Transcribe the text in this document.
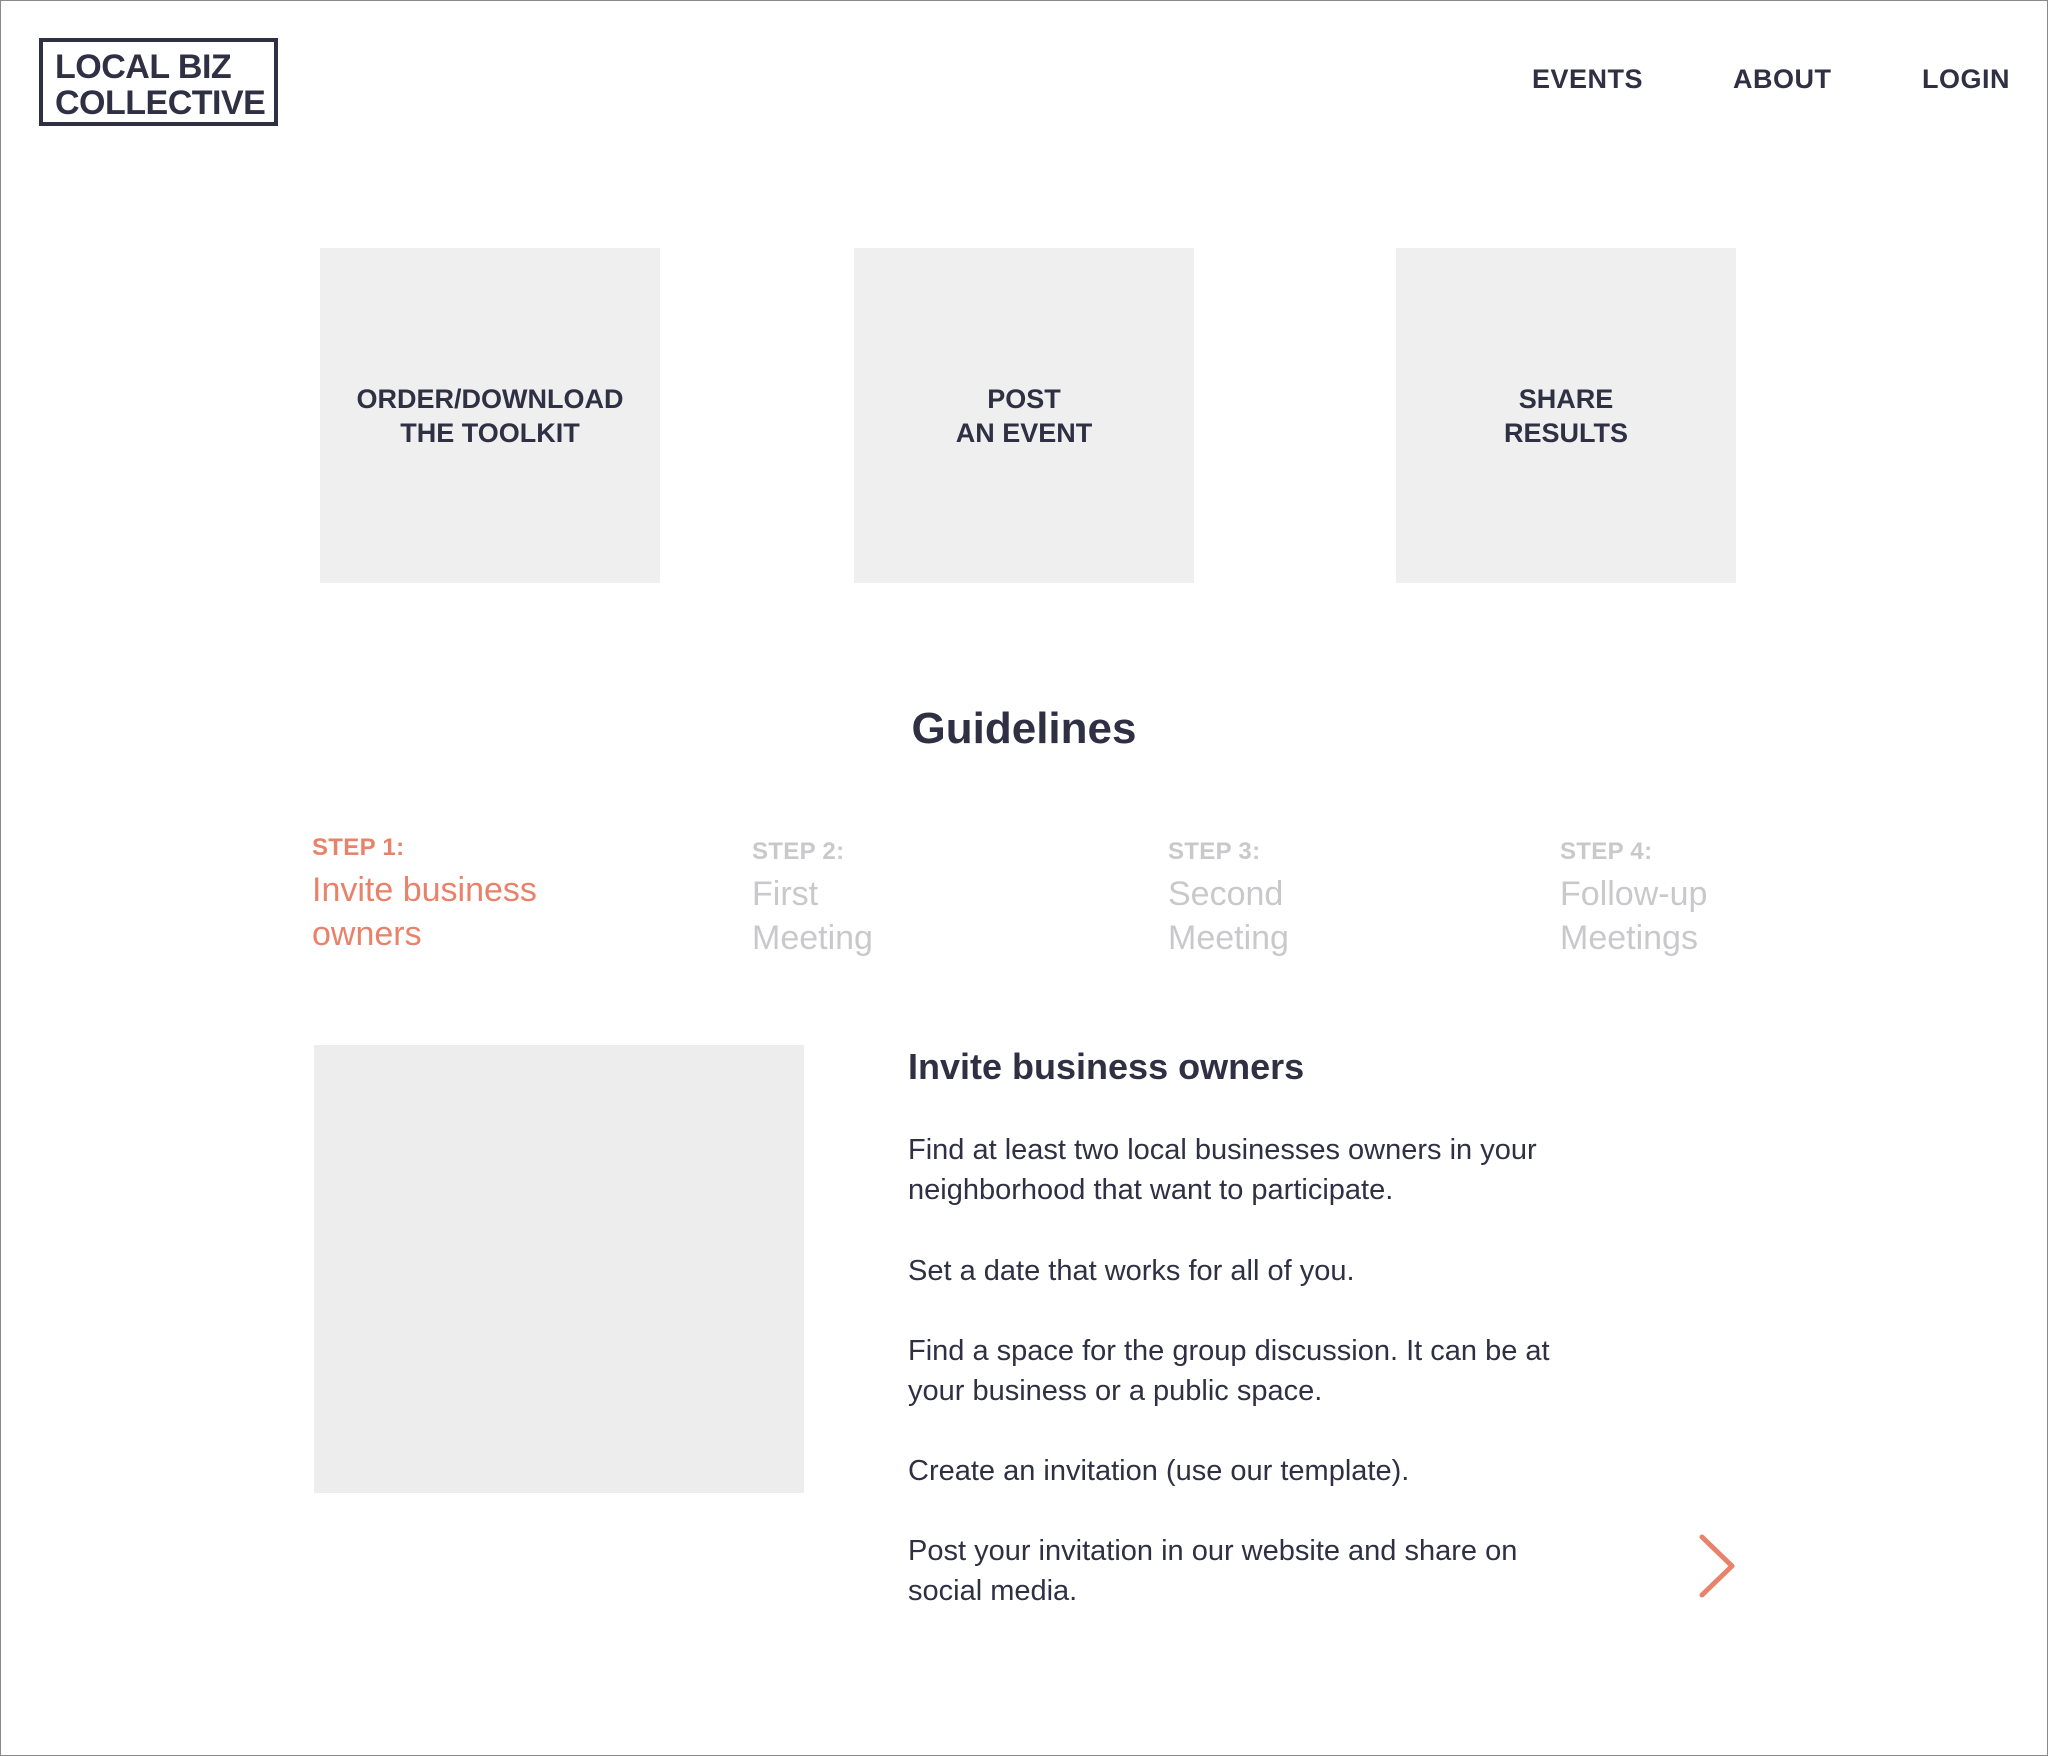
LOCAL BIZ
COLLECTIVE
EVENTS	ABOUT	LOGIN
ORDER/DOWNLOAD
THE TOOLKIT
POST
AN EVENT
SHARE
RESULTS
Guidelines
STEP 1:
Invite business
owners
STEP 2:
First
Meeting
STEP 3:
Second
Meeting
STEP 4:
Follow-up
Meetings
Invite business owners
Find at least two local businesses owners in your
neighborhood that want to participate.
Set a date that works for all of you.
Find a space for the group discussion. It can be at
your business or a public space.
Create an invitation (use our template).
Post your invitation in our website and share on
social media.
